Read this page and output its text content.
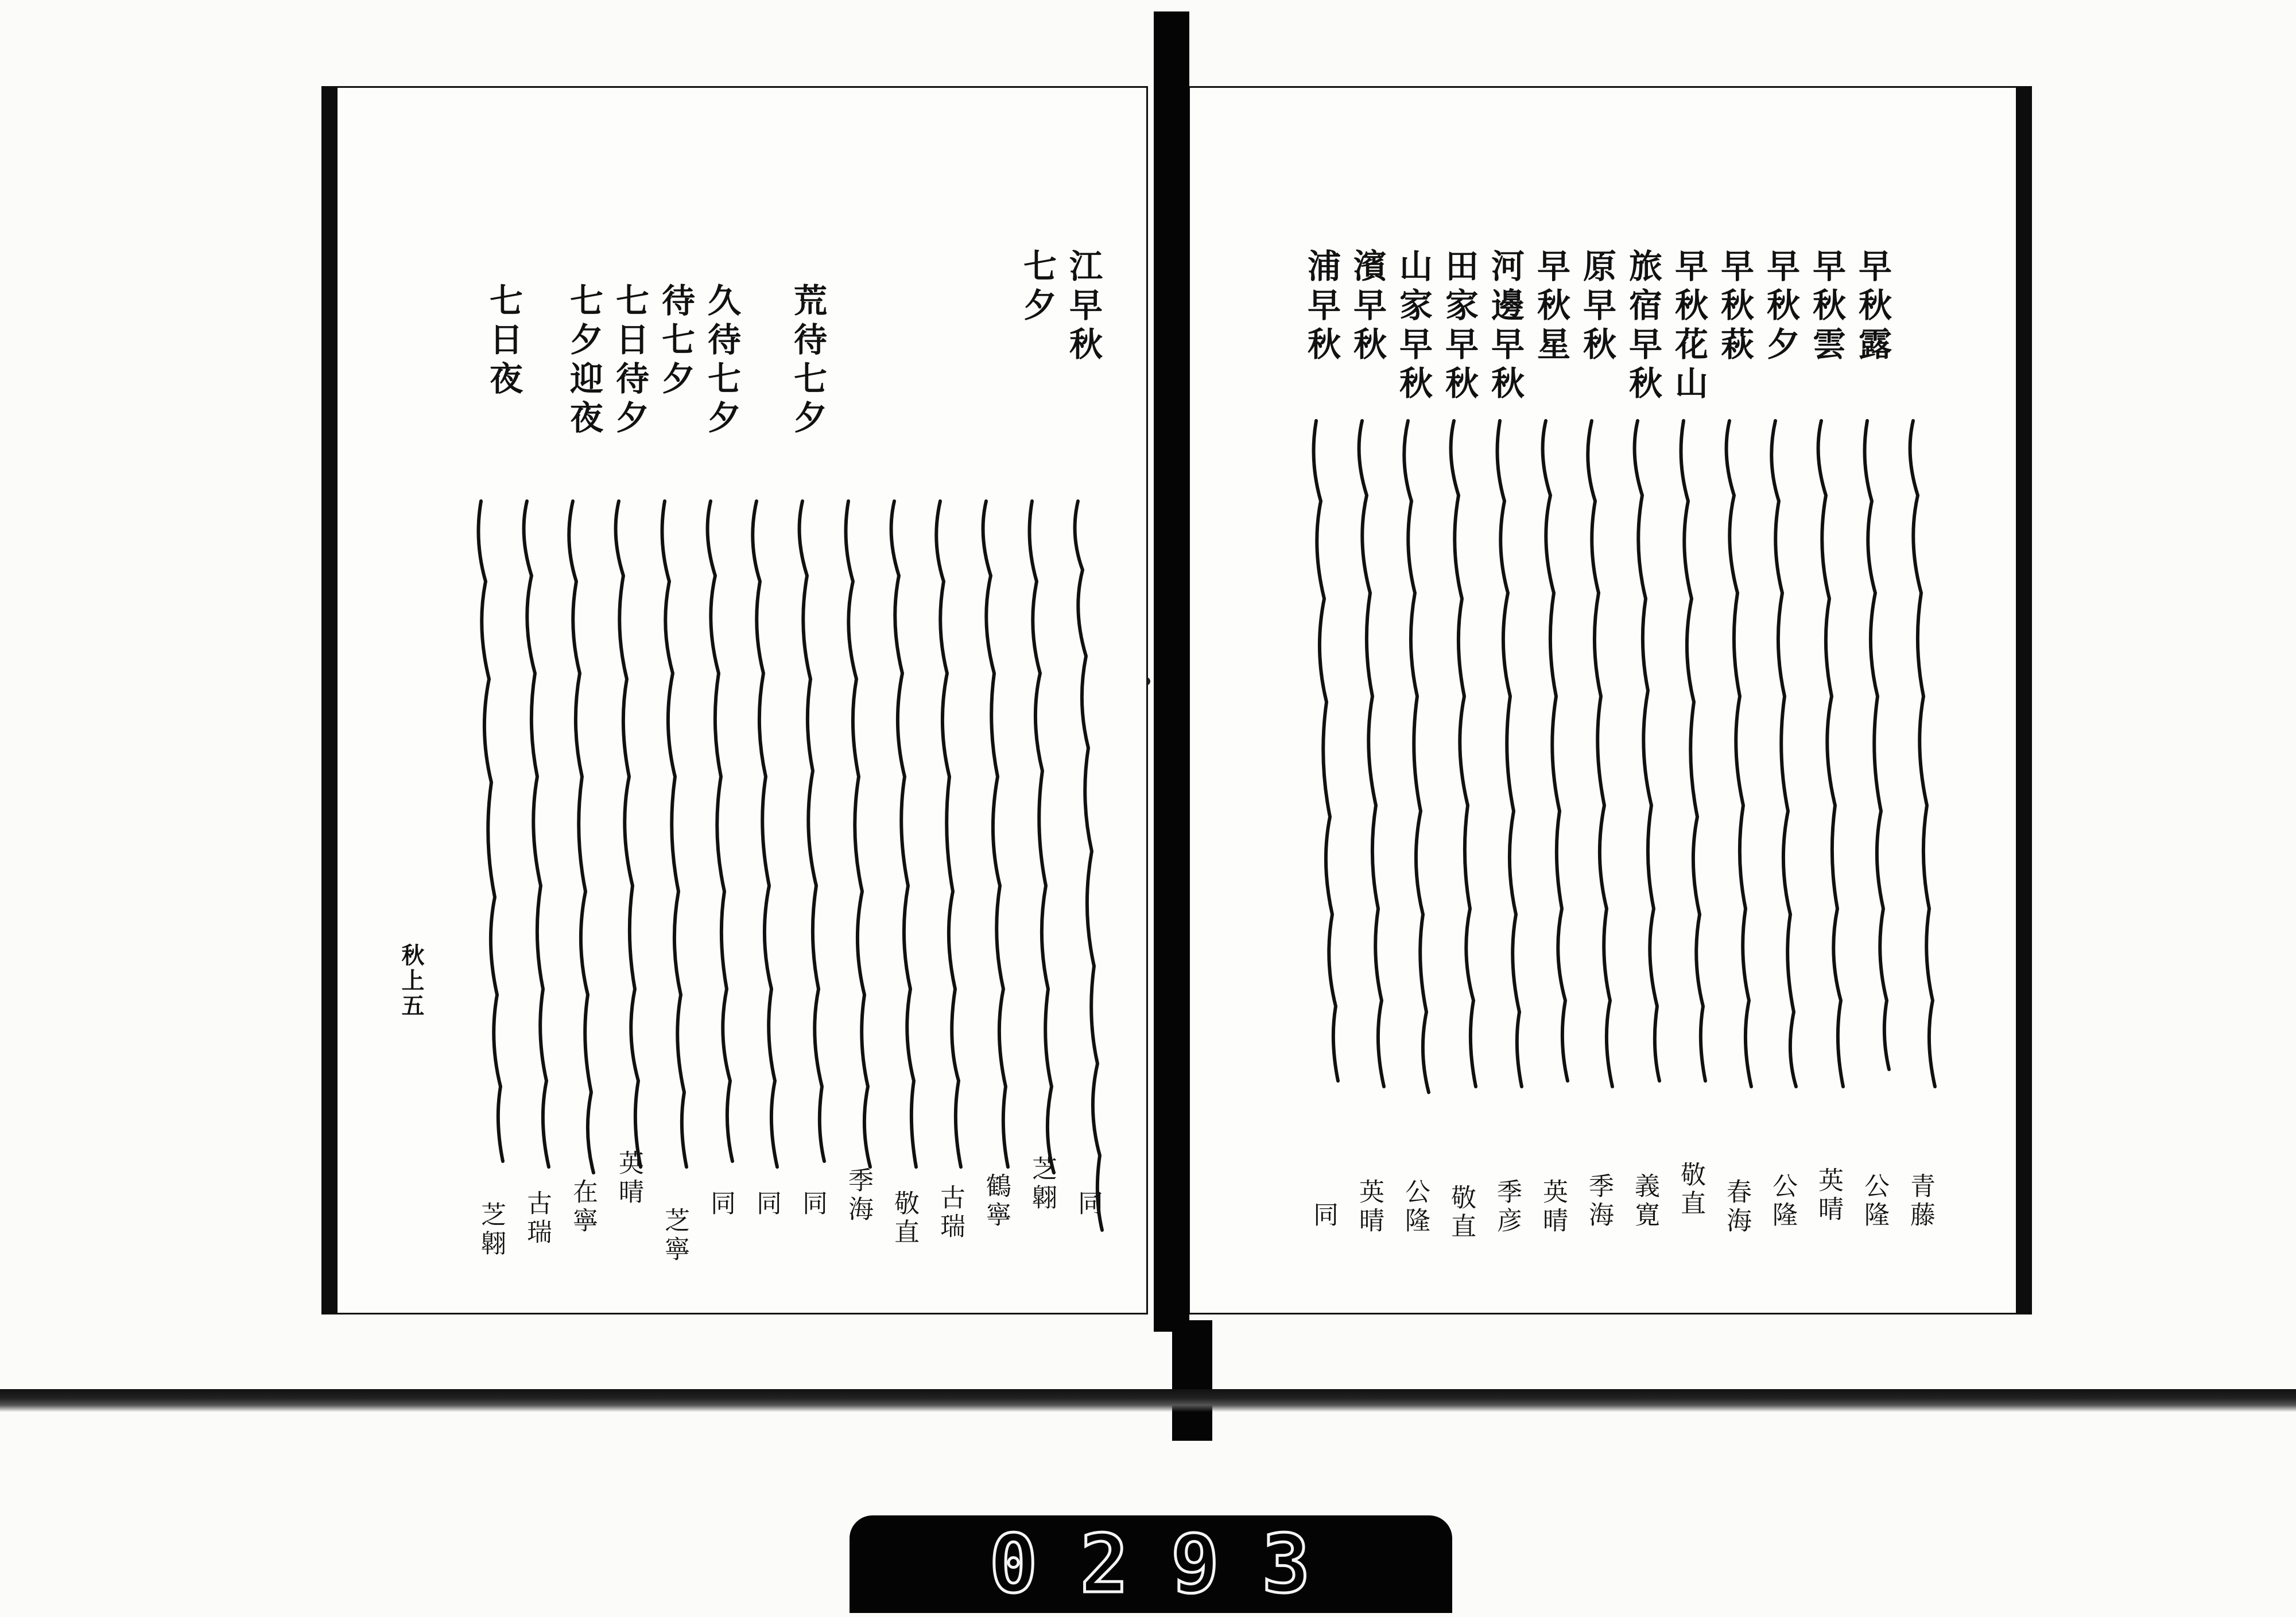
江早秋
七夕
荒待七夕
久待七夕
待七夕
七日待夕
七夕迎夜
七日夜
同
芝翺
鶴寧
古瑞
敬直
季海
同
同
同
芝寧
英晴
在寧
古瑞
芝翺
秋上五
早秋露
早秋雲
早秋夕
早秋萩
早秋花山
旅宿早秋
原早秋
早秋星
河邊早秋
田家早秋
山家早秋
濱早秋
浦早秋
青藤
公隆
英晴
公隆
春海
敬直
義寛
季海
英晴
季彦
敬直
公隆
英晴
同
0 2 9 3
